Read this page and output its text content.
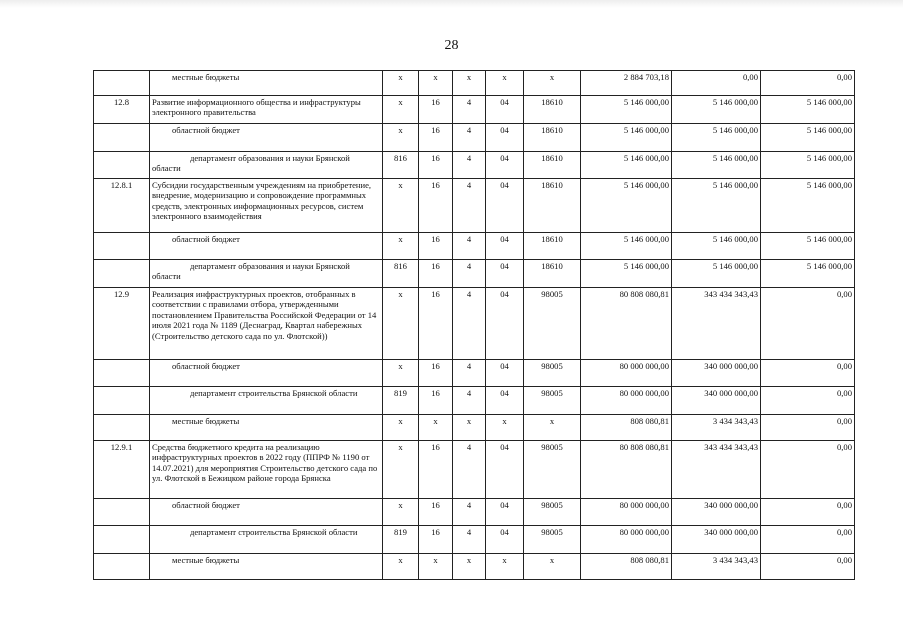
28
	местные бюджеты	x	x	x	x	x	2 884 703,18	0,00	0,00
12.8	Развитие информационного общества и инфраструктуры электронного правительства	x	16	4	04	18610	5 146 000,00	5 146 000,00	5 146 000,00
	областной бюджет	x	16	4	04	18610	5 146 000,00	5 146 000,00	5 146 000,00
	департамент образования и науки Брянской области	816	16	4	04	18610	5 146 000,00	5 146 000,00	5 146 000,00
12.8.1	Субсидии государственным учреждениям на приобретение, внедрение, модернизацию и сопровождение программных средств, электронных информационных ресурсов, систем электронного взаимодействия	x	16	4	04	18610	5 146 000,00	5 146 000,00	5 146 000,00
	областной бюджет	x	16	4	04	18610	5 146 000,00	5 146 000,00	5 146 000,00
	департамент образования и науки Брянской области	816	16	4	04	18610	5 146 000,00	5 146 000,00	5 146 000,00
12.9	Реализация инфраструктурных проектов, отобранных в соответствии с правилами отбора, утвержденными постановлением Правительства Российской Федерации от 14 июля 2021 года № 1189 (Деснаград, Квартал набережных (Строительство детского сада по ул. Флотской))	x	16	4	04	98005	80 808 080,81	343 434 343,43	0,00
	областной бюджет	x	16	4	04	98005	80 000 000,00	340 000 000,00	0,00
	департамент строительства Брянской области	819	16	4	04	98005	80 000 000,00	340 000 000,00	0,00
	местные бюджеты	x	x	x	x	x	808 080,81	3 434 343,43	0,00
12.9.1	Средства бюджетного кредита на реализацию инфраструктурных проектов в 2022 году (ППРФ № 1190 от 14.07.2021) для мероприятия Строительство детского сада по ул. Флотской в Бежицком районе города Брянска	x	16	4	04	98005	80 808 080,81	343 434 343,43	0,00
	областной бюджет	x	16	4	04	98005	80 000 000,00	340 000 000,00	0,00
	департамент строительства Брянской области	819	16	4	04	98005	80 000 000,00	340 000 000,00	0,00
	местные бюджеты	x	x	x	x	x	808 080,81	3 434 343,43	0,00
